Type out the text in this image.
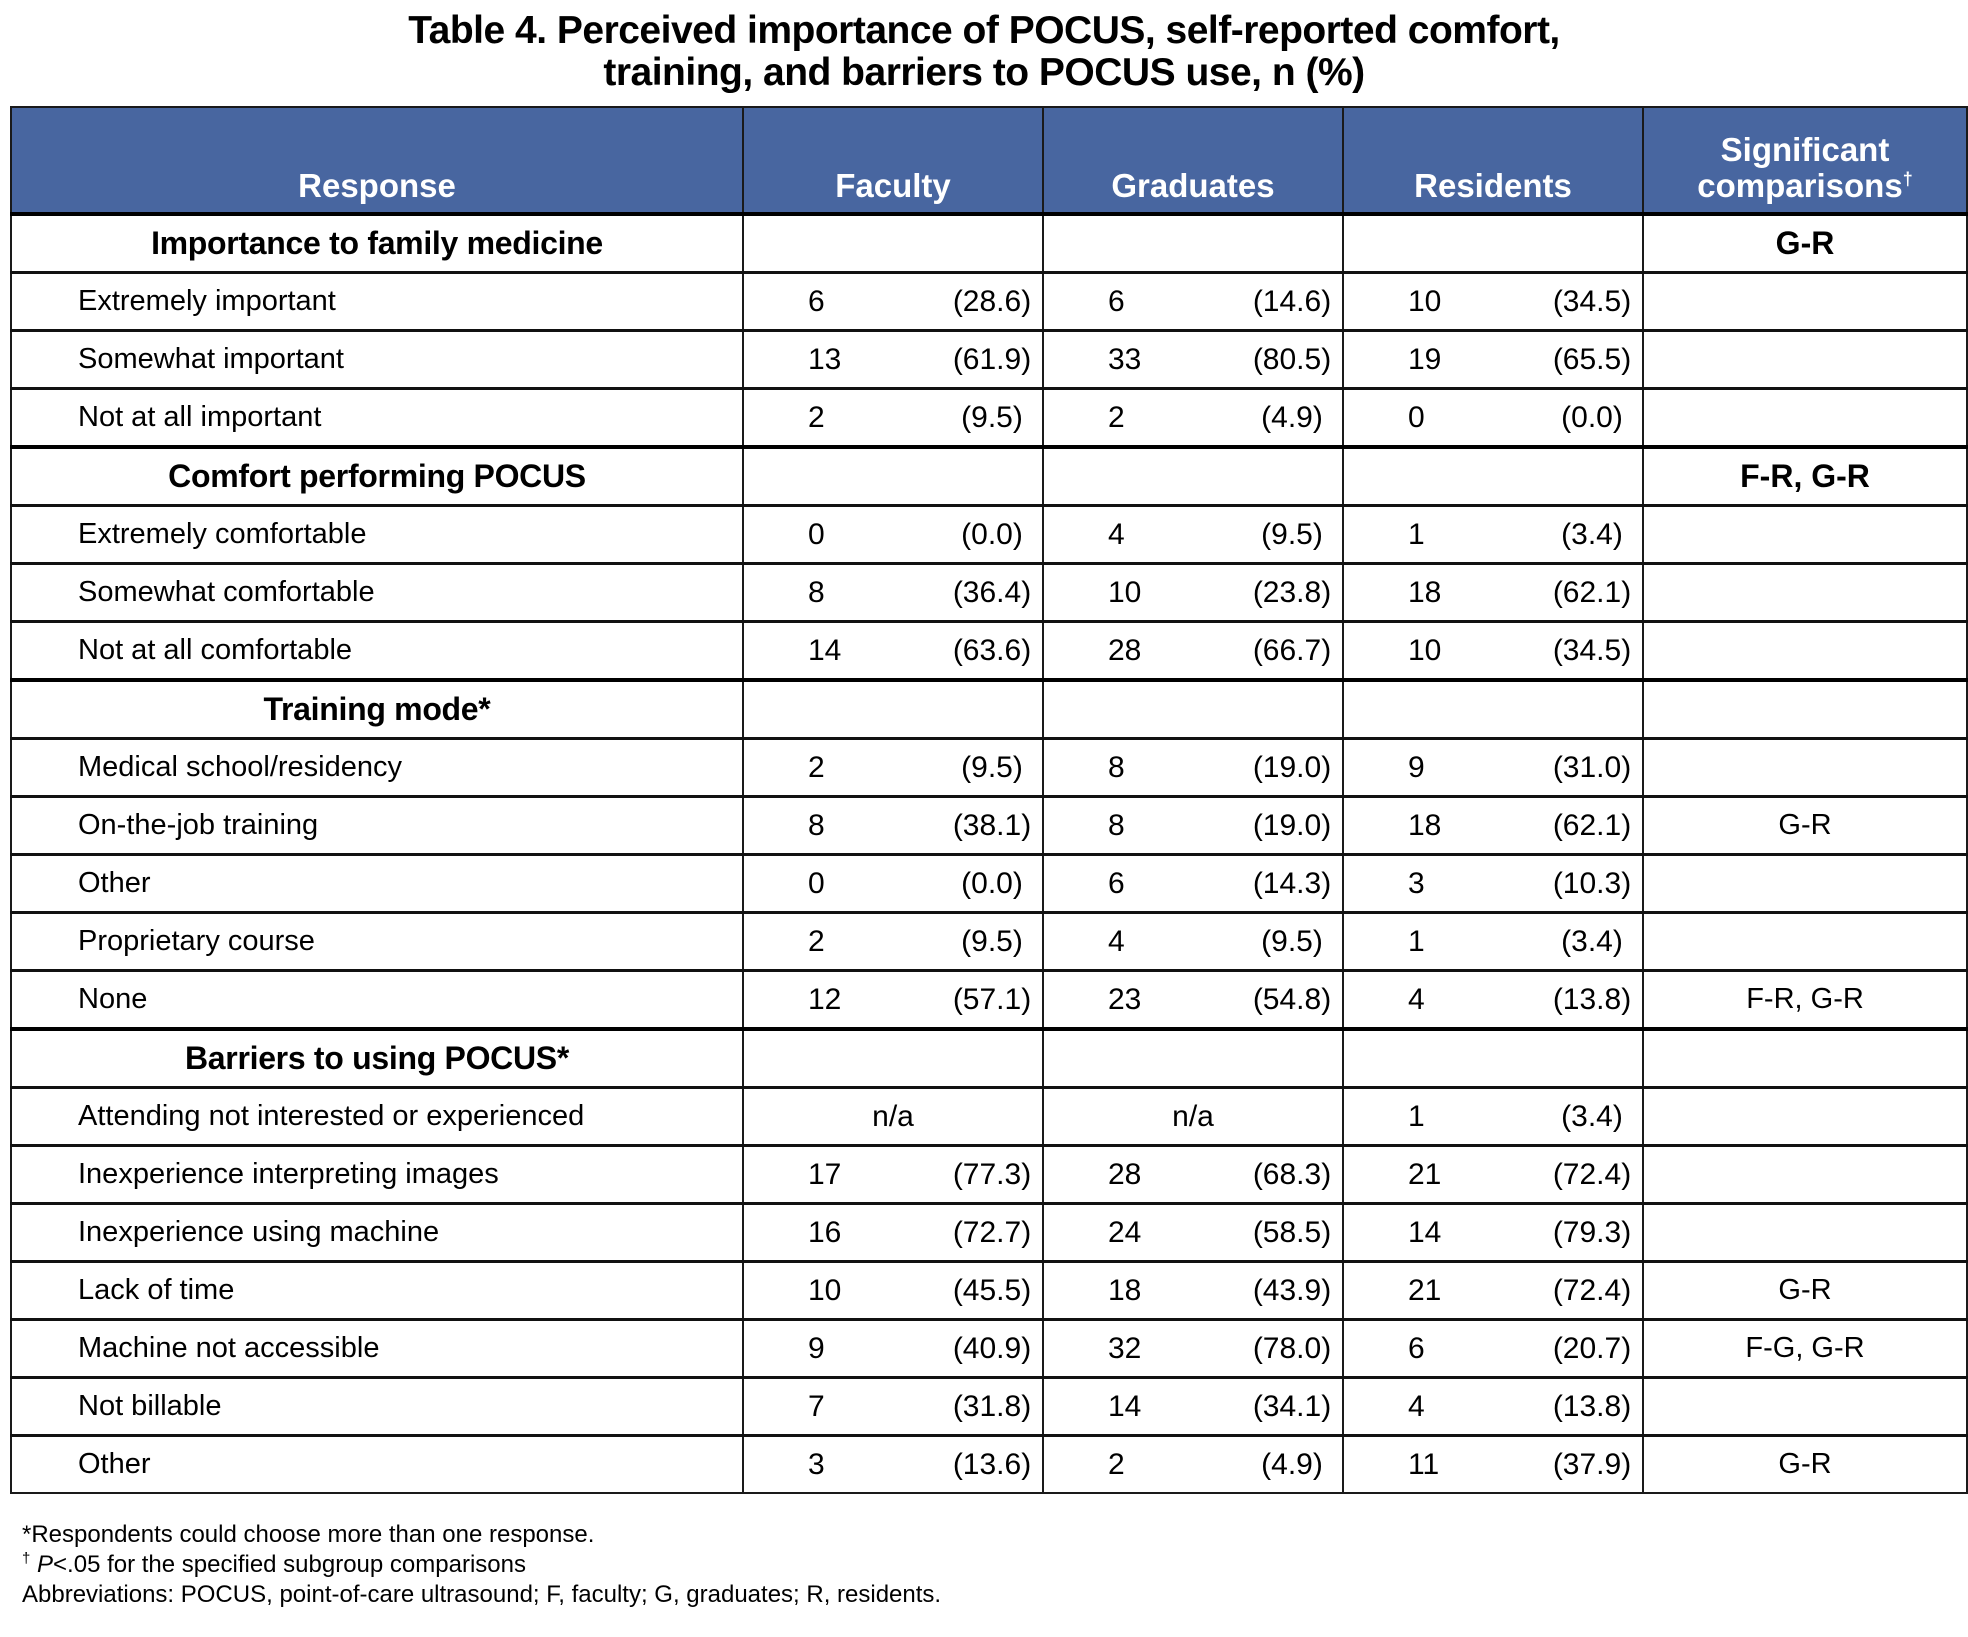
Table 4. Perceived importance of POCUS, self-reported comfort,
training, and barriers to POCUS use, n (%)
Response	Faculty	Graduates	Residents	Significant
comparisons†

Importance to family medicine				G-R
Extremely important	6 (28.6)	6 (14.6)	10 (34.5)	

Somewhat important	13 (61.9)	33 (80.5)	19 (65.5)	

Not at all important	2 (9.5)	2 (4.9)	0 (0.0)	

Comfort performing POCUS				F-R, G-R
Extremely comfortable	0 (0.0)	4 (9.5)	1 (3.4)	

Somewhat comfortable	8 (36.4)	10 (23.8)	18 (62.1)	

Not at all comfortable	14 (63.6)	28 (66.7)	10 (34.5)	

Training mode*				
Medical school/residency	2 (9.5)	8 (19.0)	9 (31.0)	

On-the-job training	8 (38.1)	8 (19.0)	18 (62.1)	G-R
Other	0 (0.0)	6 (14.3)	3 (10.3)	

Proprietary course	2 (9.5)	4 (9.5)	1 (3.4)	

None	12 (57.1)	23 (54.8)	4 (13.8)	F-R, G-R
Barriers to using POCUS*				
Attending not interested or experienced	n/a	n/a	1 (3.4)	

Inexperience interpreting images	17 (77.3)	28 (68.3)	21 (72.4)	

Inexperience using machine	16 (72.7)	24 (58.5)	14 (79.3)	

Lack of time	10 (45.5)	18 (43.9)	21 (72.4)	G-R
Machine not accessible	9 (40.9)	32 (78.0)	6 (20.7)	F-G, G-R
Not billable	7 (31.8)	14 (34.1)	4 (13.8)	

Other	3 (13.6)	2 (4.9)	11 (37.9)	G-R
*Respondents could choose more than one response.
† P<.05 for the specified subgroup comparisons
Abbreviations: POCUS, point-of-care ultrasound; F, faculty; G, graduates; R, residents.
